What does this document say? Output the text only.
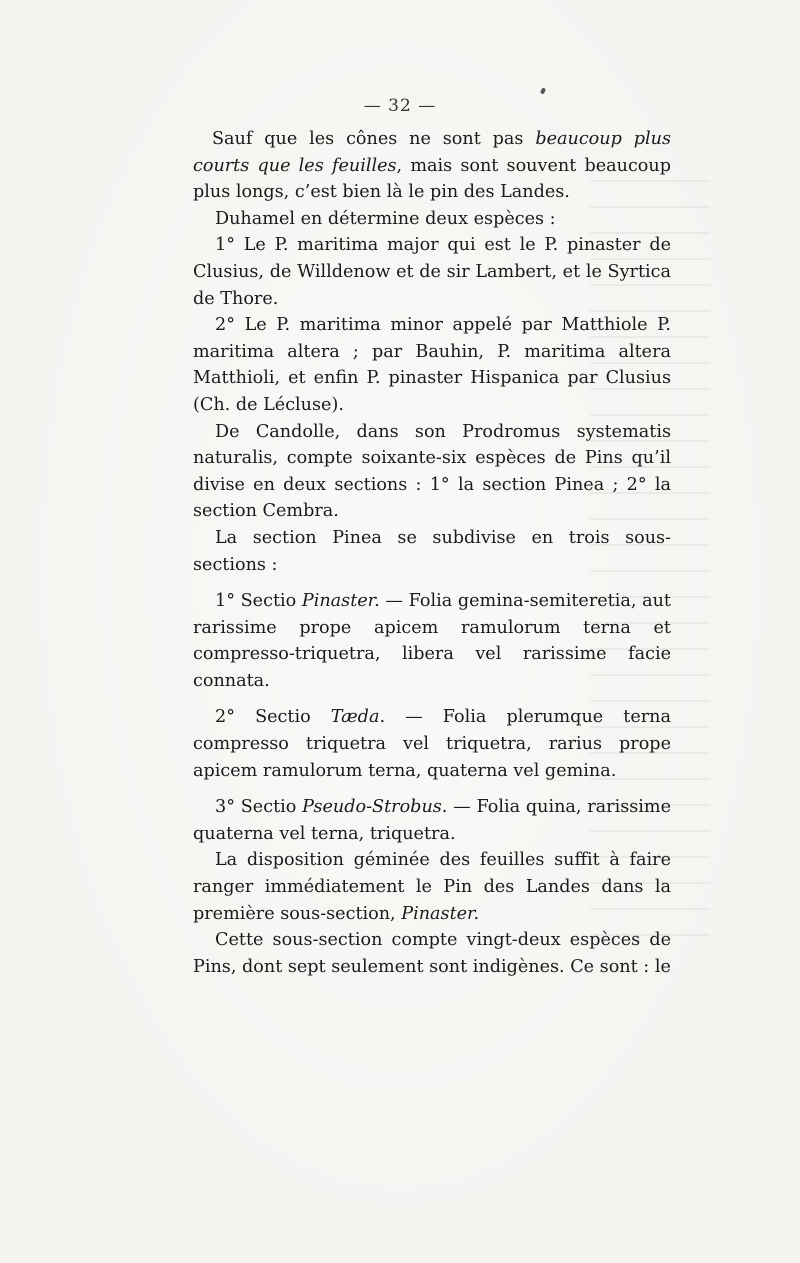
— 32 —

Sauf que les cônes ne sont pas beaucoup plus courts que les feuilles, mais sont souvent beaucoup plus longs, c’est bien là le pin des Landes.

Duhamel en détermine deux espèces :

1° Le P. maritima major qui est le P. pinaster de Clusius, de Willdenow et de sir Lambert, et le Syrtica de Thore.

2° Le P. maritima minor appelé par Matthiole P. maritima altera ; par Bauhin, P. maritima altera Matthioli, et enfin P. pinaster Hispanica par Clusius (Ch. de Lécluse).

De Candolle, dans son Prodromus systematis naturalis, compte soixante-six espèces de Pins qu’il divise en deux sections : 1° la section Pinea ; 2° la section Cembra.

La section Pinea se subdivise en trois sous-sections :

1° Sectio Pinaster. — Folia gemina-semiteretia, aut rarissime prope apicem ramulorum terna et compresso-triquetra, libera vel rarissime facie connata.

2° Sectio Tæda. — Folia plerumque terna compresso triquetra vel triquetra, rarius prope apicem ramulorum terna, quaterna vel gemina.

3° Sectio Pseudo-Strobus. — Folia quina, rarissime quaterna vel terna, triquetra.

La disposition géminée des feuilles suffit à faire ranger immédiatement le Pin des Landes dans la première sous-section, Pinaster.

Cette sous-section compte vingt-deux espèces de Pins, dont sept seulement sont indigènes. Ce sont : le
